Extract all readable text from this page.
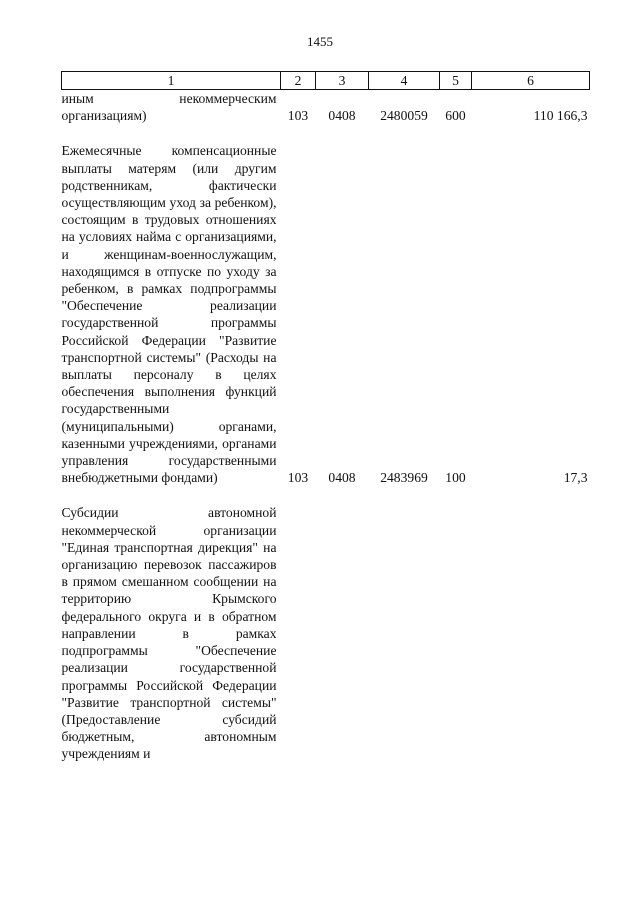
1455
1	2	3	4	5	6
иным некоммерческим организациям)	103	0408	2480059	600	110 166,3

Ежемесячные компенсационные выплаты матерям (или другим родственникам, фактически осуществляющим уход за ребенком), состоящим в трудовых отношениях на условиях найма с организациями, и женщинам-военнослужащим, находящимся в отпуске по уходу за ребенком, в рамках подпрограммы "Обеспечение реализации государственной программы Российской Федерации "Развитие транспортной системы" (Расходы на выплаты персоналу в целях обеспечения выполнения функций государственными (муниципальными) органами, казенными учреждениями, органами управления государственными внебюджетными фондами)	103	0408	2483969	100	17,3

Субсидии автономной некоммерческой организации "Единая транспортная дирекция" на организацию перевозок пассажиров в прямом смешанном сообщении на территорию Крымского федерального округа и в обратном направлении в рамках подпрограммы "Обеспечение реализации государственной программы Российской Федерации "Развитие транспортной системы" (Предоставление субсидий бюджетным, автономным учреждениям и					
